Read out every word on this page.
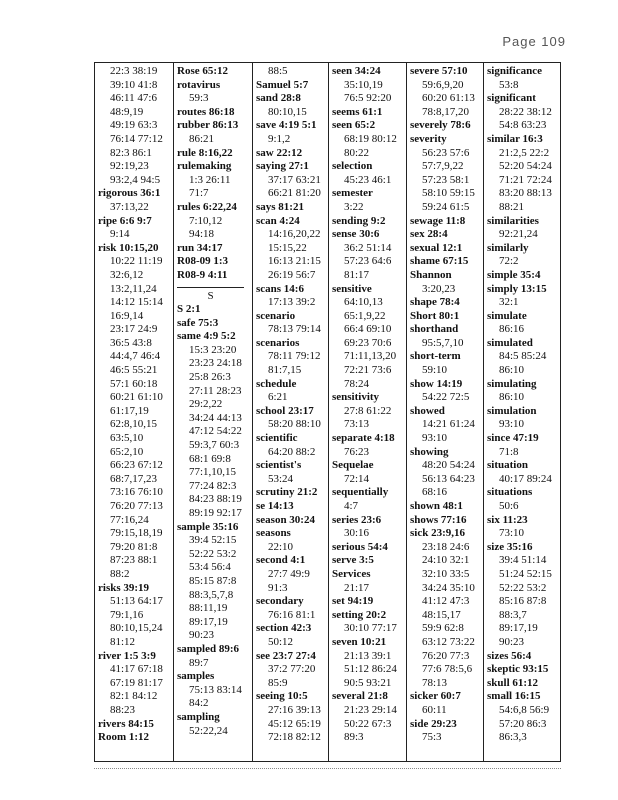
Page 109
22:3 38:19
39:10 41:8
46:11 47:6
48:9,19
49:19 63:3
76:14 77:12
82:3 86:1
92:19,23
93:2,4 94:5
rigorous 36:1
37:13,22
ripe 6:6 9:7
9:14
risk 10:15,20
10:22 11:19
32:6,12
13:2,11,24
14:12 15:14
16:9,14
23:17 24:9
36:5 43:8
44:4,7 46:4
46:5 55:21
57:1 60:18
60:21 61:10
61:17,19
62:8,10,15
63:5,10
65:2,10
66:23 67:12
68:7,17,23
73:16 76:10
76:20 77:13
77:16,24
79:15,18,19
79:20 81:8
87:23 88:1
88:2
risks 39:19
51:13 64:17
79:1,16
80:10,15,24
81:12
river 1:5 3:9
41:17 67:18
67:19 81:17
82:1 84:12
88:23
rivers 84:15
Room 1:12
Rose 65:12
rotavirus
59:3
routes 86:18
rubber 86:13
86:21
rule 8:16,22
rulemaking
1:3 26:11
71:7
rules 6:22,24
7:10,12
94:18
run 34:17
R08-09 1:3
R08-9 4:11
S
S 2:1
safe 75:3
same 4:9 5:2
15:3 23:20
23:23 24:18
25:8 26:3
27:11 28:23
29:2,22
34:24 44:13
47:12 54:22
59:3,7 60:3
68:1 69:8
77:1,10,15
77:24 82:3
84:23 88:19
89:19 92:17
sample 35:16
39:4 52:15
52:22 53:2
53:4 56:4
85:15 87:8
88:3,5,7,8
88:11,19
89:17,19
90:23
sampled 89:6
89:7
samples
75:13 83:14
84:2
sampling
52:22,24
88:5
Samuel 5:7
sand 28:8
80:10,15
save 4:19 5:1
9:1,2
saw 22:12
saying 27:1
37:17 63:21
66:21 81:20
says 81:21
scan 4:24
14:16,20,22
15:15,22
16:13 21:15
26:19 56:7
scans 14:6
17:13 39:2
scenario
78:13 79:14
scenarios
78:11 79:12
81:7,15
schedule
6:21
school 23:17
58:20 88:10
scientific
64:20 88:2
scientist's
53:24
scrutiny 21:2
se 14:13
season 30:24
seasons
22:10
second 4:1
27:7 49:9
91:3
secondary
76:16 81:1
section 42:3
50:12
see 23:7 27:4
37:2 77:20
85:9
seeing 10:5
27:16 39:13
45:12 65:19
72:18 82:12
seen 34:24
35:10,19
76:5 92:20
seems 61:1
seen 65:2
68:19 80:12
80:22
selection
45:23 46:1
semester
3:22
sending 9:2
sense 30:6
36:2 51:14
57:23 64:6
81:17
sensitive
64:10,13
65:1,9,22
66:4 69:10
69:23 70:6
71:11,13,20
72:21 73:6
78:24
sensitivity
27:8 61:22
73:13
separate 4:18
76:23
Sequelae
72:14
sequentially
4:7
series 23:6
30:16
serious 54:4
serve 3:5
Services
21:17
set 94:19
setting 20:2
30:10 77:17
seven 10:21
21:13 39:1
51:12 86:24
90:5 93:21
several 21:8
21:23 29:14
50:22 67:3
89:3
severe 57:10
59:6,9,20
60:20 61:13
78:8,17,20
severely 78:6
severity
56:23 57:6
57:7,9,22
57:23 58:1
58:10 59:15
59:24 61:5
sewage 11:8
sex 28:4
sexual 12:1
shame 67:15
Shannon
3:20,23
shape 78:4
Short 80:1
shorthand
95:5,7,10
short-term
59:10
show 14:19
54:22 72:5
showed
14:21 61:24
93:10
showing
48:20 54:24
56:13 64:23
68:16
shown 48:1
shows 77:16
sick 23:9,16
23:18 24:6
24:10 32:1
32:10 33:5
34:24 35:10
41:12 47:3
48:15,17
59:9 62:8
63:12 73:22
76:20 77:3
77:6 78:5,6
78:13
sicker 60:7
60:11
side 29:23
75:3
significance
53:8
significant
28:22 38:12
54:8 63:23
similar 16:3
21:2,5 22:2
52:20 54:24
71:21 72:24
83:20 88:13
88:21
similarities
92:21,24
similarly
72:2
simple 35:4
simply 13:15
32:1
simulate
86:16
simulated
84:5 85:24
86:10
simulating
86:10
simulation
93:10
since 47:19
71:8
situation
40:17 89:24
situations
50:6
six 11:23
73:10
size 35:16
39:4 51:14
51:24 52:15
52:22 53:2
85:16 87:8
88:3,7
89:17,19
90:23
sizes 56:4
skeptic 93:15
skull 61:12
small 16:15
54:6,8 56:9
57:20 86:3
86:3,3
